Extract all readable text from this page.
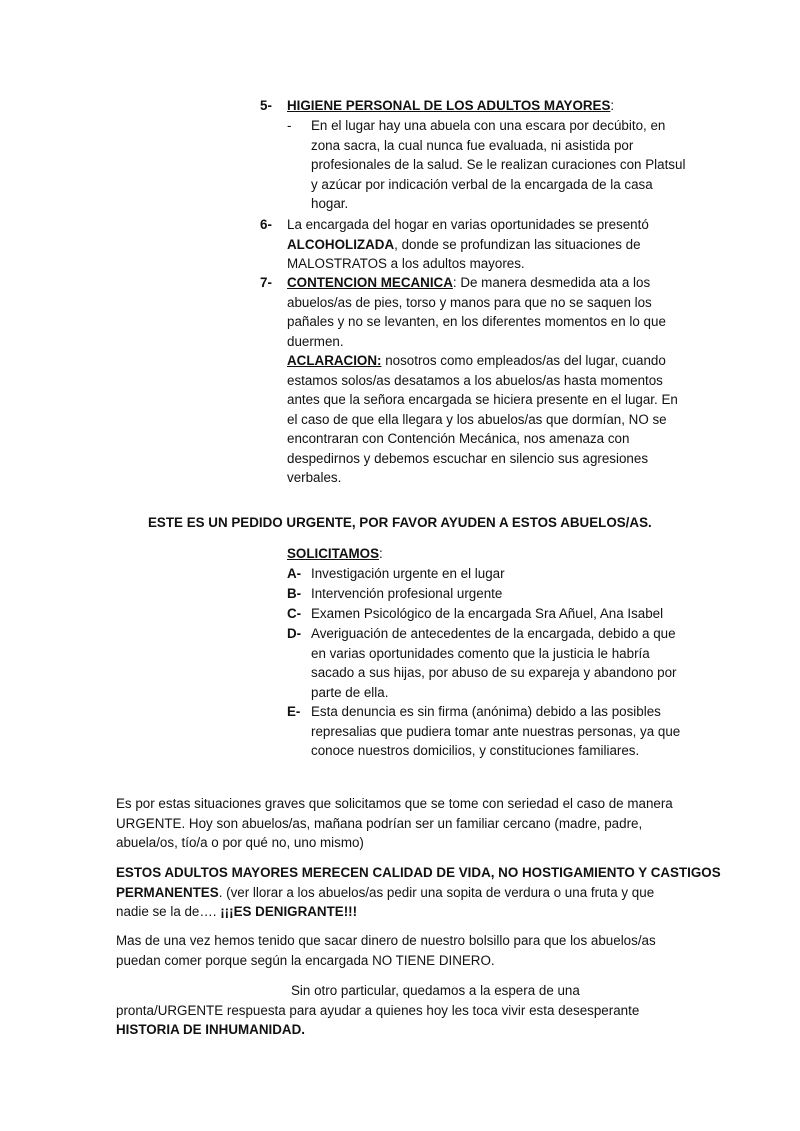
5- HIGIENE PERSONAL DE LOS ADULTOS MAYORES:
- En el lugar hay una abuela con una escara por decúbito, en
zona sacra, la cual nunca fue evaluada, ni asistida por
profesionales de la salud. Se le realizan curaciones con Platsul
y azúcar por indicación verbal de la encargada de la casa
hogar.
6- La encargada del hogar en varias oportunidades se presentó
ALCOHOLIZADA, donde se profundizan las situaciones de
MALOSTRATOS a los adultos mayores.
7- CONTENCION MECANICA: De manera desmedida ata a los
abuelos/as de pies, torso y manos para que no se saquen los
pañales y no se levanten, en los diferentes momentos en lo que
duermen.
ACLARACION: nosotros como empleados/as del lugar, cuando
estamos solos/as desatamos a los abuelos/as hasta momentos
antes que la señora encargada se hiciera presente en el lugar. En
el caso de que ella llegara y los abuelos/as que dormían, NO se
encontraran con Contención Mecánica, nos amenaza con
despedirnos y debemos escuchar en silencio sus agresiones
verbales.
ESTE ES UN PEDIDO URGENTE, POR FAVOR AYUDEN A ESTOS ABUELOS/AS.
SOLICITAMOS:
A- Investigación urgente en el lugar
B- Intervención profesional urgente
C- Examen Psicológico de la encargada Sra Añuel, Ana Isabel
D- Averiguación de antecedentes de la encargada, debido a que
en varias oportunidades comento que la justicia le habría
sacado a sus hijas, por abuso de su expareja y abandono por
parte de ella.
E- Esta denuncia es sin firma (anónima) debido a las posibles
represalias que pudiera tomar ante nuestras personas, ya que
conoce nuestros domicilios, y constituciones familiares.
Es por estas situaciones graves que solicitamos que se tome con seriedad el caso de manera
URGENTE. Hoy son abuelos/as, mañana podrían ser un familiar cercano (madre, padre,
abuela/os, tío/a o por qué no, uno mismo)
ESTOS ADULTOS MAYORES MERECEN CALIDAD DE VIDA, NO HOSTIGAMIENTO Y CASTIGOS
PERMANENTES. (ver llorar a los abuelos/as pedir una sopita de verdura o una fruta y que
nadie se la de…. ¡¡¡ES DENIGRANTE!!!
Mas de una vez hemos tenido que sacar dinero de nuestro bolsillo para que los abuelos/as
puedan comer porque según la encargada NO TIENE DINERO.
Sin otro particular, quedamos a la espera de una
pronta/URGENTE respuesta para ayudar a quienes hoy les toca vivir esta desesperante
HISTORIA DE INHUMANIDAD.
